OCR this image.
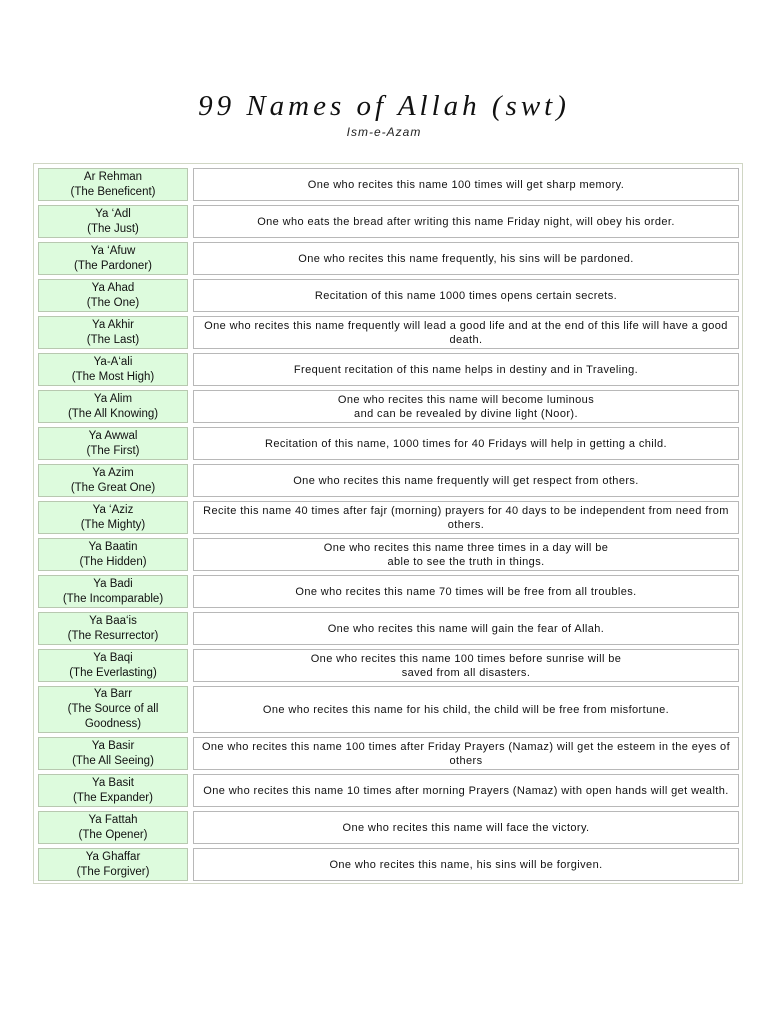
99 Names of Allah (swt)

Ism-e-Azam

Ar Rehman
(The Beneficent)
One who recites this name 100 times will get sharp memory.
Ya ‘Adl
(The Just)
One who eats the bread after writing this name Friday night, will obey his order.
Ya ‘Afuw
(The Pardoner)
One who recites this name frequently, his sins will be pardoned.
Ya Ahad
(The One)
Recitation of this name 1000 times opens certain secrets.
Ya Akhir
(The Last)
One who recites this name frequently will lead a good life and at the end of this life will have a good death.
Ya-A‘ali
(The Most High)
Frequent recitation of this name helps in destiny and in Traveling.
Ya Alim
(The All Knowing)
One who recites this name will become luminous
and can be revealed by divine light (Noor).
Ya Awwal
(The First)
Recitation of this name, 1000 times for 40 Fridays will help in getting a child.
Ya Azim
(The Great One)
One who recites this name frequently will get respect from others.
Ya ‘Aziz
(The Mighty)
Recite this name 40 times after fajr (morning) prayers for 40 days to be independent from need from others.
Ya Baatin
(The Hidden)
One who recites this name three times in a day will be
able to see the truth in things.
Ya Badi
(The Incomparable)
One who recites this name 70 times will be free from all troubles.
Ya Baa‘is
(The Resurrector)
One who recites this name will gain the fear of Allah.
Ya Baqi
(The Everlasting)
One who recites this name 100 times before sunrise will be
saved from all disasters.
Ya Barr
(The Source of all Goodness)
One who recites this name for his child, the child will be free from misfortune.
Ya Basir
(The All Seeing)
One who recites this name 100 times after Friday Prayers (Namaz) will get the esteem in the eyes of others
Ya Basit
(The Expander)
One who recites this name 10 times after morning Prayers (Namaz) with open hands will get wealth.
Ya Fattah
(The Opener)
One who recites this name will face the victory.
Ya Ghaffar
(The Forgiver)
One who recites this name, his sins will be forgiven.
